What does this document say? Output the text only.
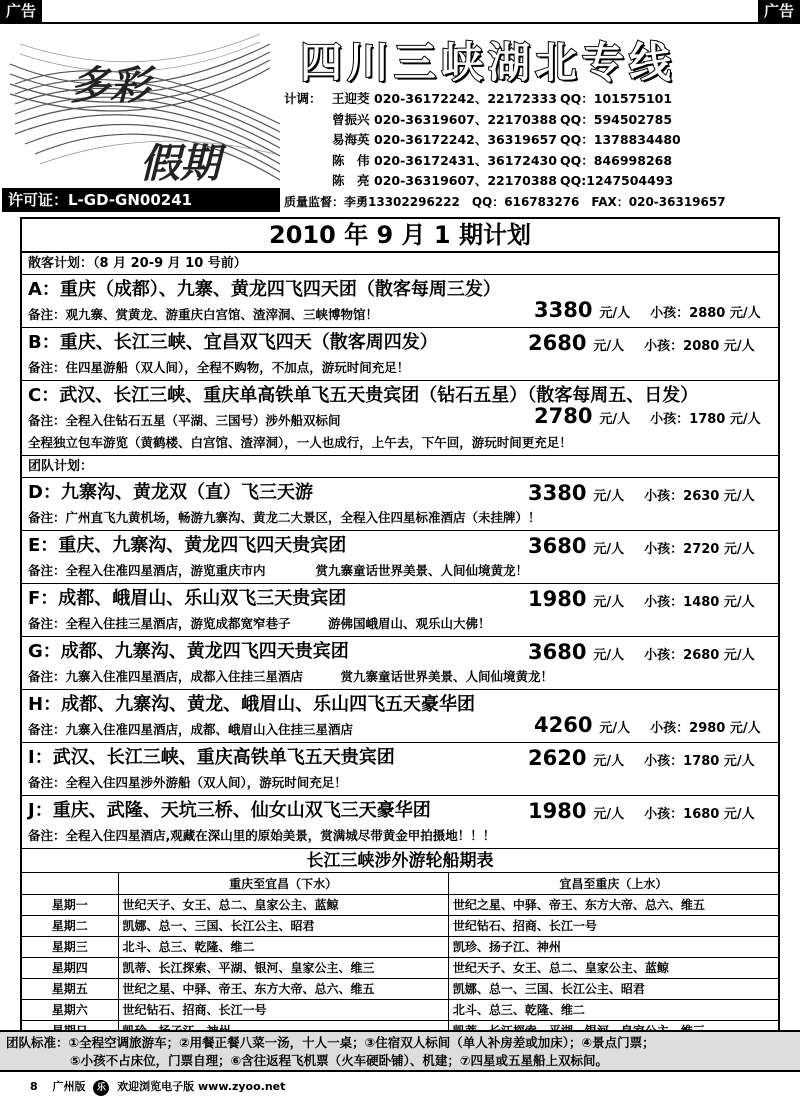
广告	广告
多彩
假期
许可证：L-GD-GN00241
四川三峡湖北专线
计调： 王迎茭 020-36172242、22172333 QQ：101575101
曾振兴 020-36319607、22170388 QQ：594502785
易海英 020-36172242、36319657 QQ：1378834480
陈　伟 020-36172431、36172430 QQ：846998268
陈　亮 020-36319607、22170388 QQ:1247504493
质量监督：李勇13302296222　QQ：616783276　FAX：020-36319657
2010 年 9 月 1 期计划
散客计划：（8 月 20-9 月 10 号前）
A：重庆（成都）、九寨、黄龙四飞四天团（散客每周三发）
备注：观九寨、赏黄龙、游重庆白宫馆、渣滓洞、三峡博物馆！	3380 元/人　 小孩：2880 元/人
B：重庆、长江三峡、宜昌双飞四天（散客周四发）	2680 元/人　 小孩：2080 元/人
备注：住四星游船（双人间），全程不购物，不加点，游玩时间充足！
C：武汉、长江三峡、重庆单高铁单飞五天贵宾团（钻石五星）（散客每周五、日发）
备注：全程入住钻石五星（平湖、三国号）涉外船双标间	2780 元/人　 小孩：1780 元/人
全程独立包车游览（黄鹤楼、白宫馆、渣滓洞），一人也成行，上午去，下午回，游玩时间更充足！
团队计划：
D：九寨沟、黄龙双（直）飞三天游	3380 元/人　 小孩：2630 元/人
备注：广州直飞九黄机场，畅游九寨沟、黄龙二大景区，全程入住四星标准酒店（未挂牌）！
E：重庆、九寨沟、黄龙四飞四天贵宾团	3680 元/人　 小孩：2720 元/人
备注：全程入住准四星酒店，游览重庆市内　　　　赏九寨童话世界美景、人间仙境黄龙！
F：成都、峨眉山、乐山双飞三天贵宾团	1980 元/人　 小孩：1480 元/人
备注：全程入住挂三星酒店，游览成都宽窄巷子　　　游佛国峨眉山、观乐山大佛！
G：成都、九寨沟、黄龙四飞四天贵宾团	3680 元/人　 小孩：2680 元/人
备注：九寨入住准四星酒店，成都入住挂三星酒店　　　赏九寨童话世界美景、人间仙境黄龙！
H：成都、九寨沟、黄龙、峨眉山、乐山四飞五天豪华团
备注：九寨入住准四星酒店，成都、峨眉山入住挂三星酒店	4260 元/人　 小孩：2980 元/人
I：武汉、长江三峡、重庆高铁单飞五天贵宾团	2620 元/人　 小孩：1780 元/人
备注：全程入住四星涉外游船（双人间），游玩时间充足！
J：重庆、武隆、天坑三桥、仙女山双飞三天豪华团	1980 元/人　 小孩：1680 元/人
备注：全程入住四星酒店,观藏在深山里的原始美景，赏满城尽带黄金甲拍摄地！！！
长江三峡涉外游轮船期表
	重庆至宜昌（下水）	宜昌至重庆（上水）
星期一	世纪天子、女王、总二、皇家公主、蓝鲸	世纪之星、中驿、帝王、东方大帝、总六、维五
星期二	凯娜、总一、三国、长江公主、昭君	世纪钻石、招商、长江一号
星期三	北斗、总三、乾隆、维二	凯珍、扬子江、神州
星期四	凯蒂、长江探索、平湖、银河、皇家公主、维三	世纪天子、女王、总二、皇家公主、蓝鲸
星期五	世纪之星、中驿、帝王、东方大帝、总六、维五	凯娜、总一、三国、长江公主、昭君
星期六	世纪钻石、招商、长江一号	北斗、总三、乾隆、维二

团队标准：①全程空调旅游车；②用餐正餐八菜一汤，十人一桌；③住宿双人标间（单人补房差或加床）；④景点门票；
⑤小孩不占床位，门票自理；⑥含往返程飞机票（火车硬卧铺）、机建；⑦四星或五星船上双标间。
8　 广州版 乐 欢迎浏览电子版 www.zyoo.net
